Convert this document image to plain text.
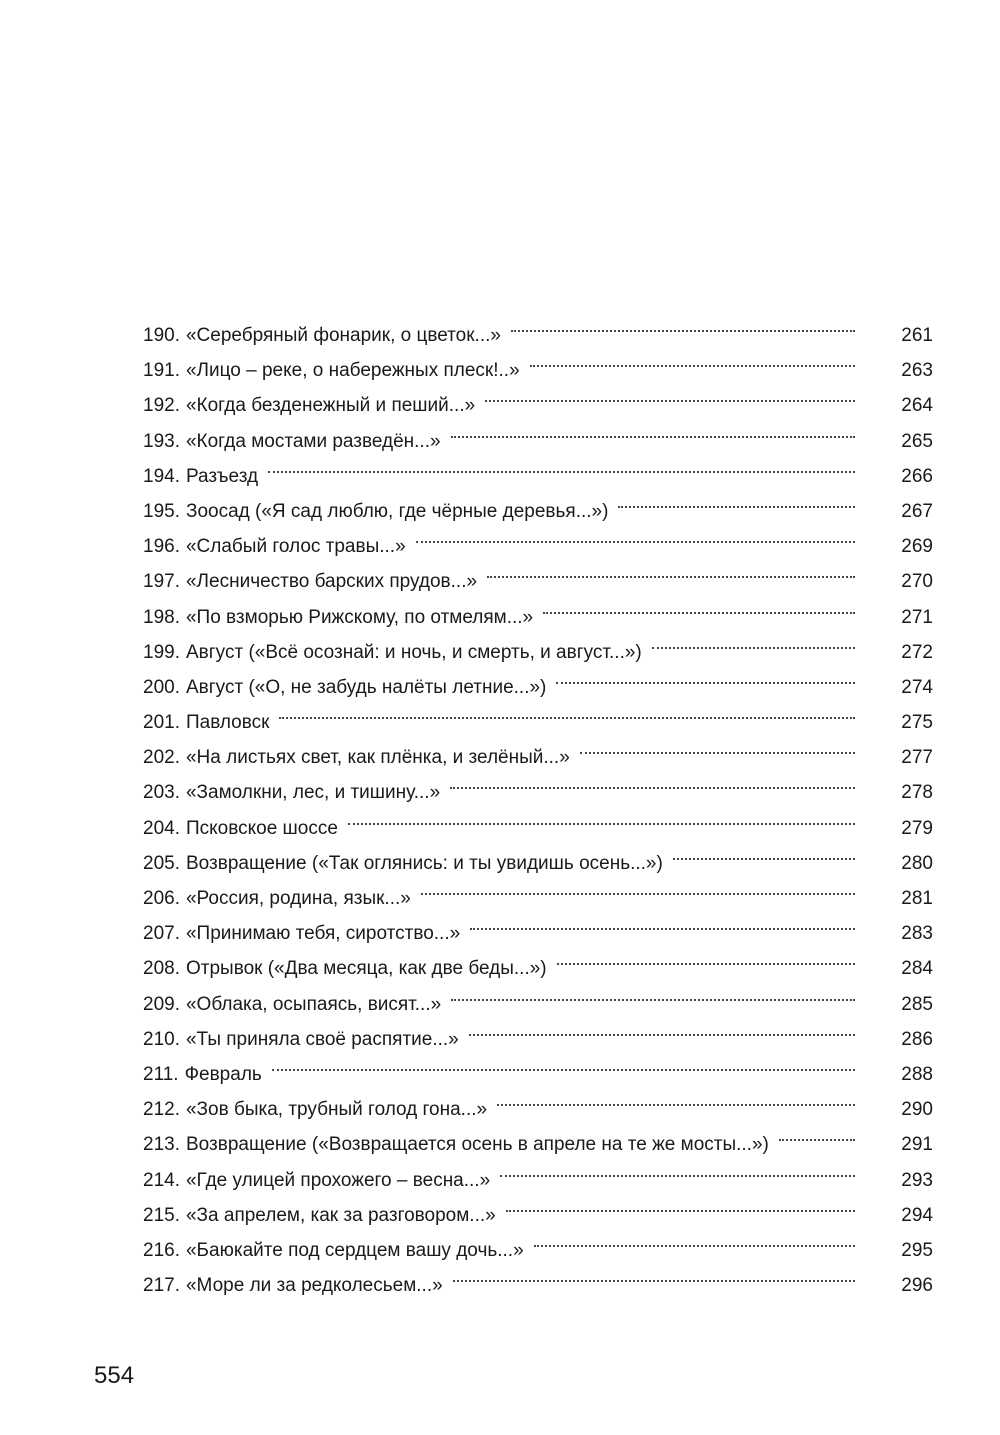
190. «Серебряный фонарик, о цветок...»	261
191. «Лицо – реке, о набережных плеск!..»	263
192. «Когда безденежный и пеший...»	264
193. «Когда мостами разведён...»	265
194. Разъезд	266
195. Зоосад («Я сад люблю, где чёрные деревья...»)	267
196. «Слабый голос травы...»	269
197. «Лесничество барских прудов...»	270
198. «По взморью Рижскому, по отмелям...»	271
199. Август («Всё осознай: и ночь, и смерть, и август...»)	272
200. Август («О, не забудь налёты летние...»)	274
201. Павловск	275
202. «На листьях свет, как плёнка, и зелёный...»	277
203. «Замолкни, лес, и тишину...»	278
204. Псковское шоссе	279
205. Возвращение («Так оглянись: и ты увидишь осень...»)	280
206. «Россия, родина, язык...»	281
207. «Принимаю тебя, сиротство...»	283
208. Отрывок («Два месяца, как две беды...»)	284
209. «Облака, осыпаясь, висят...»	285
210. «Ты приняла своё распятие...»	286
211. Февраль	288
212. «Зов быка, трубный голод гона...»	290
213. Возвращение («Возвращается осень в апреле на те же мосты...»)	291
214. «Где улицей прохожего – весна...»	293
215. «За апрелем, как за разговором...»	294
216. «Баюкайте под сердцем вашу дочь...»	295
217. «Море ли за редколесьем...»	296
554
